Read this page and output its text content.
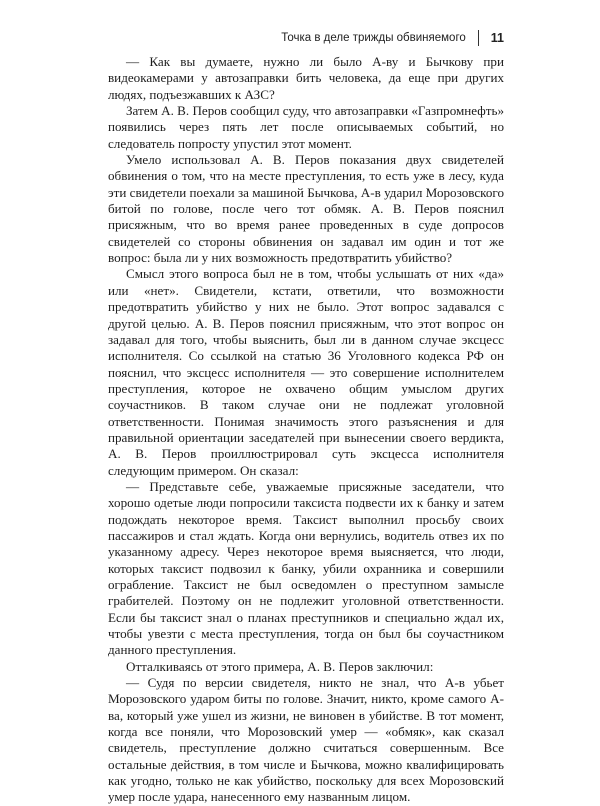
Точка в деле трижды обвиняемого 11

— Как вы думаете, нужно ли было А-ву и Бычкову при видеокамерами у автозаправки бить человека, да еще при других людях, подъезжавших к АЗС?

Затем А. В. Перов сообщил суду, что автозаправки «Газпромнефть» появились через пять лет после описываемых событий, но следователь попросту упустил этот момент.

Умело использовал А. В. Перов показания двух свидетелей обвинения о том, что на месте преступления, то есть уже в лесу, куда эти свидетели поехали за машиной Бычкова, А-в ударил Морозовского битой по голове, после чего тот обмяк. А. В. Перов пояснил присяжным, что во время ранее проведенных в суде допросов свидетелей со стороны обвинения он задавал им один и тот же вопрос: была ли у них возможность предотвратить убийство?

Смысл этого вопроса был не в том, чтобы услышать от них «да» или «нет». Свидетели, кстати, ответили, что возможности предотвратить убийство у них не было. Этот вопрос задавался с другой целью. А. В. Перов пояснил присяжным, что этот вопрос он задавал для того, чтобы выяснить, был ли в данном случае эксцесс исполнителя. Со ссылкой на статью 36 Уголовного кодекса РФ он пояснил, что эксцесс исполнителя — это совершение исполнителем преступления, которое не охвачено общим умыслом других соучастников. В таком случае они не подлежат уголовной ответственности. Понимая значимость этого разъяснения и для правильной ориентации заседателей при вынесении своего вердикта, А. В. Перов проиллюстрировал суть эксцесса исполнителя следующим примером. Он сказал:

— Представьте себе, уважаемые присяжные заседатели, что хорошо одетые люди попросили таксиста подвести их к банку и затем подождать некоторое время. Таксист выполнил просьбу своих пассажиров и стал ждать. Когда они вернулись, водитель отвез их по указанному адресу. Через некоторое время выясняется, что люди, которых таксист подвозил к банку, убили охранника и совершили ограбление. Таксист не был осведомлен о преступном замысле грабителей. Поэтому он не подлежит уголовной ответственности. Если бы таксист знал о планах преступников и специально ждал их, чтобы увезти с места преступления, тогда он был бы соучастником данного преступления.

Отталкиваясь от этого примера, А. В. Перов заключил:

— Судя по версии свидетеля, никто не знал, что А-в убьет Морозовского ударом биты по голове. Значит, никто, кроме самого А-ва, который уже ушел из жизни, не виновен в убийстве. В тот момент, когда все поняли, что Морозовский умер — «обмяк», как сказал свидетель, преступление должно считаться совершенным. Все остальные действия, в том числе и Бычкова, можно квалифицировать как угодно, только не как убийство, поскольку для всех Морозовский умер после удара, нанесенного ему названным лицом.
